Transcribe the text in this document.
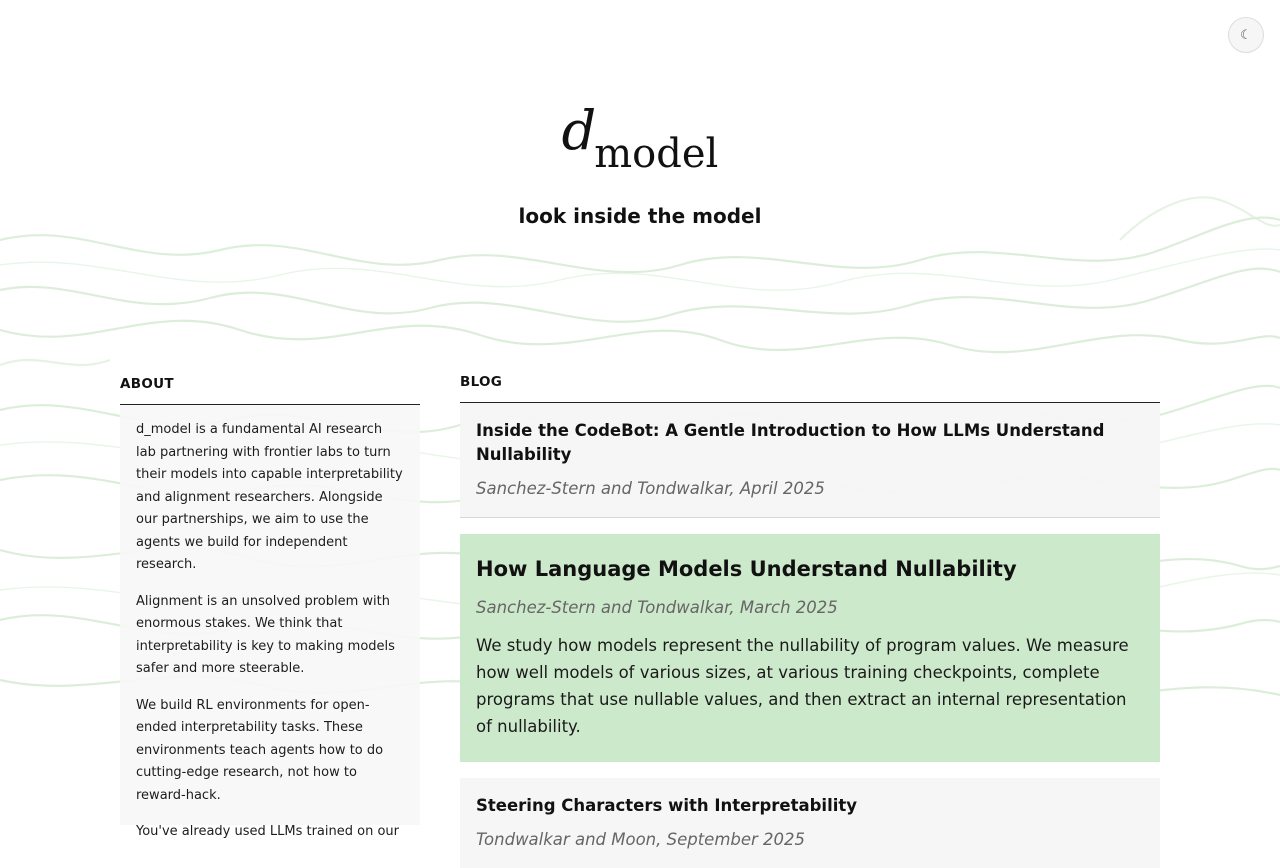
☾
dmodel
look inside the model
ABOUT

d_model is a fundamental AI research lab partnering with frontier labs to turn their models into capable interpretability and alignment researchers. Alongside our partnerships, we aim to use the agents we build for independent research.

Alignment is an unsolved problem with enormous stakes. We think that interpretability is key to making models safer and more steerable.

We build RL environments for open-ended interpretability tasks. These environments teach agents how to do cutting-edge research, not how to reward-hack.

You've already used LLMs trained on our

BLOG
Inside the CodeBot: A Gentle Introduction to How LLMs Understand Nullability
Sanchez-Stern and Tondwalkar, April 2025
How Language Models Understand Nullability
Sanchez-Stern and Tondwalkar, March 2025
We study how models represent the nullability of program values. We measure how well models of various sizes, at various training checkpoints, complete programs that use nullable values, and then extract an internal representation of nullability.
Steering Characters with Interpretability
Tondwalkar and Moon, September 2025
